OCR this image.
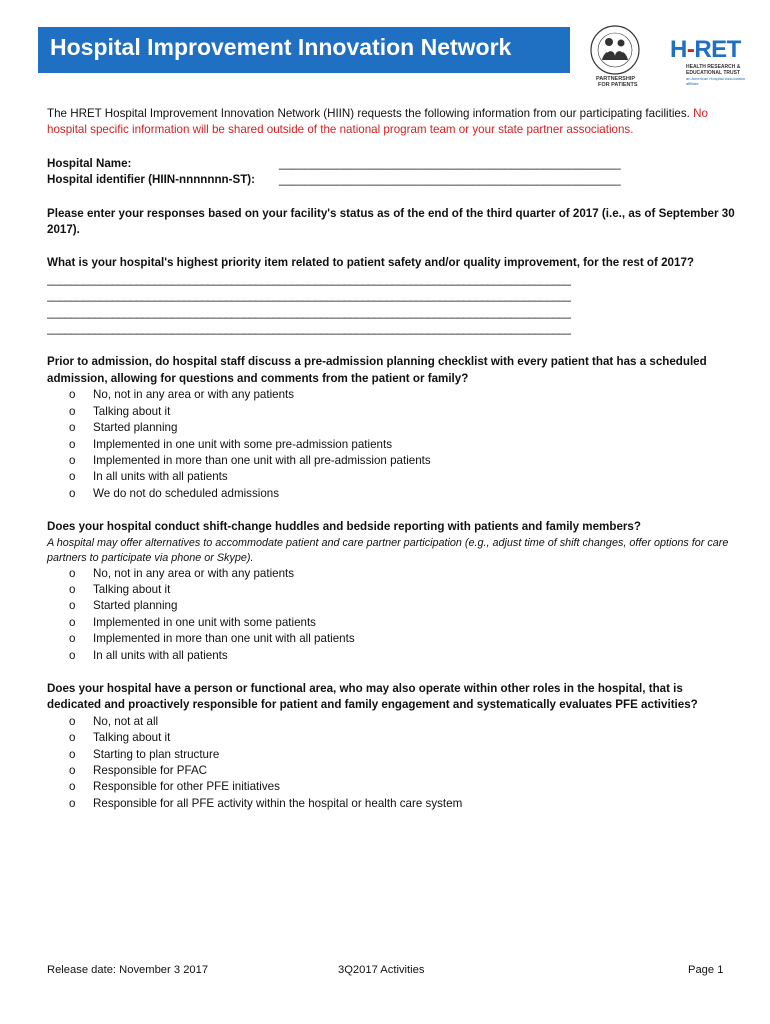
Hospital Improvement Innovation Network
PARTNERSHIP
FOR PATIENTS
H-RET
HEALTH RESEARCH & EDUCATIONAL TRUST
an American Hospital Association affiliate

The HRET Hospital Improvement Innovation Network (HIIN) requests the following information from our participating facilities. No hospital specific information will be shared outside of the national program team or your state partner associations.

Hospital Name:	_____________________________________________________
Hospital identifier (HIIN-nnnnnnn-ST):	_____________________________________________________

Please enter your responses based on your facility's status as of the end of the third quarter of 2017 (i.e., as of September 30 2017).

What is your hospital's highest priority item related to patient safety and/or quality improvement, for the rest of 2017?

________________________________________________________________________________________
________________________________________________________________________________________
________________________________________________________________________________________
________________________________________________________________________________________

Prior to admission, do hospital staff discuss a pre-admission planning checklist with every patient that has a scheduled admission, allowing for questions and comments from the patient or family?

o No, not in any area or with any patients
o Talking about it
o Started planning
o Implemented in one unit with some pre-admission patients
o Implemented in more than one unit with all pre-admission patients
o In all units with all patients
o We do not do scheduled admissions

Does your hospital conduct shift-change huddles and bedside reporting with patients and family members?

A hospital may offer alternatives to accommodate patient and care partner participation (e.g., adjust time of shift changes, offer options for care partners to participate via phone or Skype).

o No, not in any area or with any patients
o Talking about it
o Started planning
o Implemented in one unit with some patients
o Implemented in more than one unit with all patients
o In all units with all patients

Does your hospital have a person or functional area, who may also operate within other roles in the hospital, that is dedicated and proactively responsible for patient and family engagement and systematically evaluates PFE activities?

o No, not at all
o Talking about it
o Starting to plan structure
o Responsible for PFAC
o Responsible for other PFE initiatives
o Responsible for all PFE activity within the hospital or health care system
Release date: November 3 2017	3Q2017 Activities	Page 1
